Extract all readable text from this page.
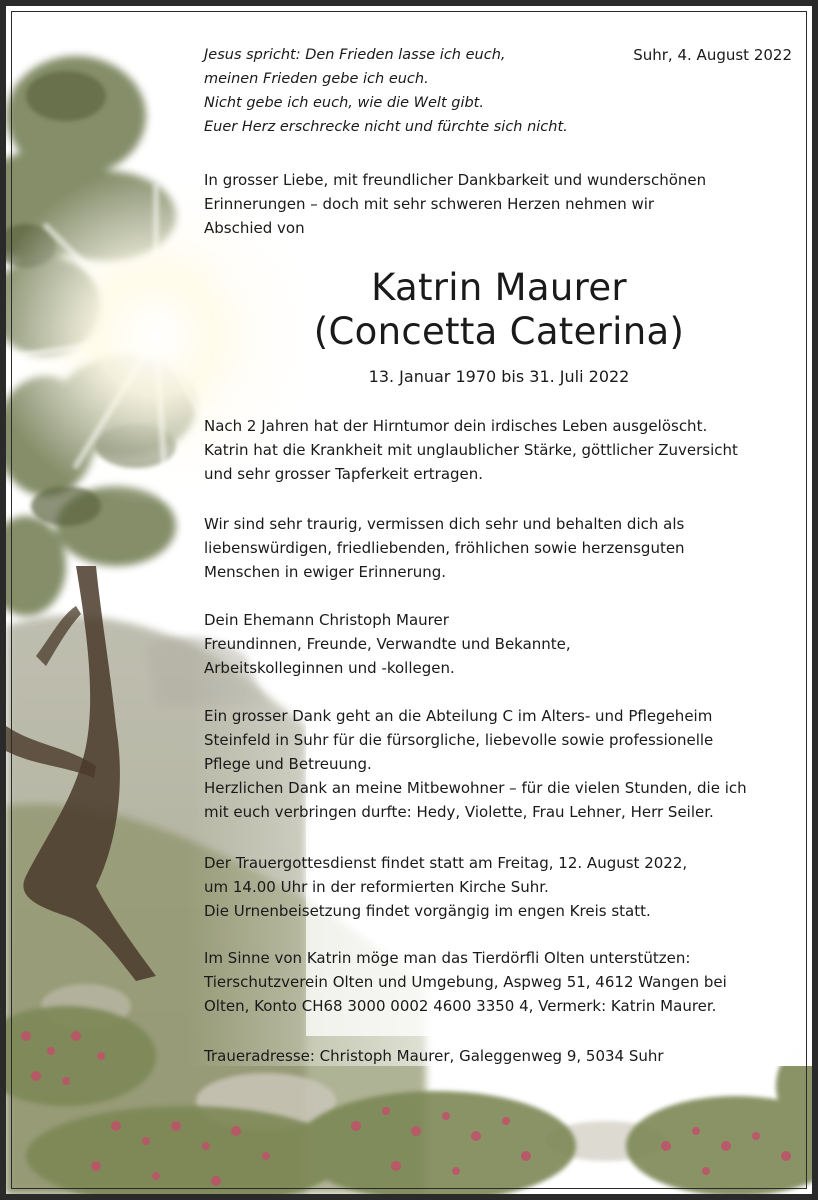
Jesus spricht: Den Frieden lasse ich euch,
meinen Frieden gebe ich euch.
Nicht gebe ich euch, wie die Welt gibt.
Euer Herz erschrecke nicht und fürchte sich nicht.
Suhr, 4. August 2022
In grosser Liebe, mit freundlicher Dankbarkeit und wunderschönen
Erinnerungen – doch mit sehr schweren Herzen nehmen wir
Abschied von
Katrin Maurer
(Concetta Caterina)
13. Januar 1970 bis 31. Juli 2022
Nach 2 Jahren hat der Hirntumor dein irdisches Leben ausgelöscht.
Katrin hat die Krankheit mit unglaublicher Stärke, göttlicher Zuversicht
und sehr grosser Tapferkeit ertragen.
Wir sind sehr traurig, vermissen dich sehr und behalten dich als
liebenswürdigen, friedliebenden, fröhlichen sowie herzensguten
Menschen in ewiger Erinnerung.
Dein Ehemann Christoph Maurer
Freundinnen, Freunde, Verwandte und Bekannte,
Arbeitskolleginnen und -kollegen.
Ein grosser Dank geht an die Abteilung C im Alters- und Pflegeheim
Steinfeld in Suhr für die fürsorgliche, liebevolle sowie professionelle
Pflege und Betreuung.
Herzlichen Dank an meine Mitbewohner – für die vielen Stunden, die ich
mit euch verbringen durfte: Hedy, Violette, Frau Lehner, Herr Seiler.
Der Trauergottesdienst findet statt am Freitag, 12. August 2022,
um 14.00 Uhr in der reformierten Kirche Suhr.
Die Urnenbeisetzung findet vorgängig im engen Kreis statt.
Im Sinne von Katrin möge man das Tierdörfli Olten unterstützen:
Tierschutzverein Olten und Umgebung, Aspweg 51, 4612 Wangen bei
Olten, Konto CH68 3000 0002 4600 3350 4, Vermerk: Katrin Maurer.
Traueradresse: Christoph Maurer, Galeggenweg 9, 5034 Suhr
